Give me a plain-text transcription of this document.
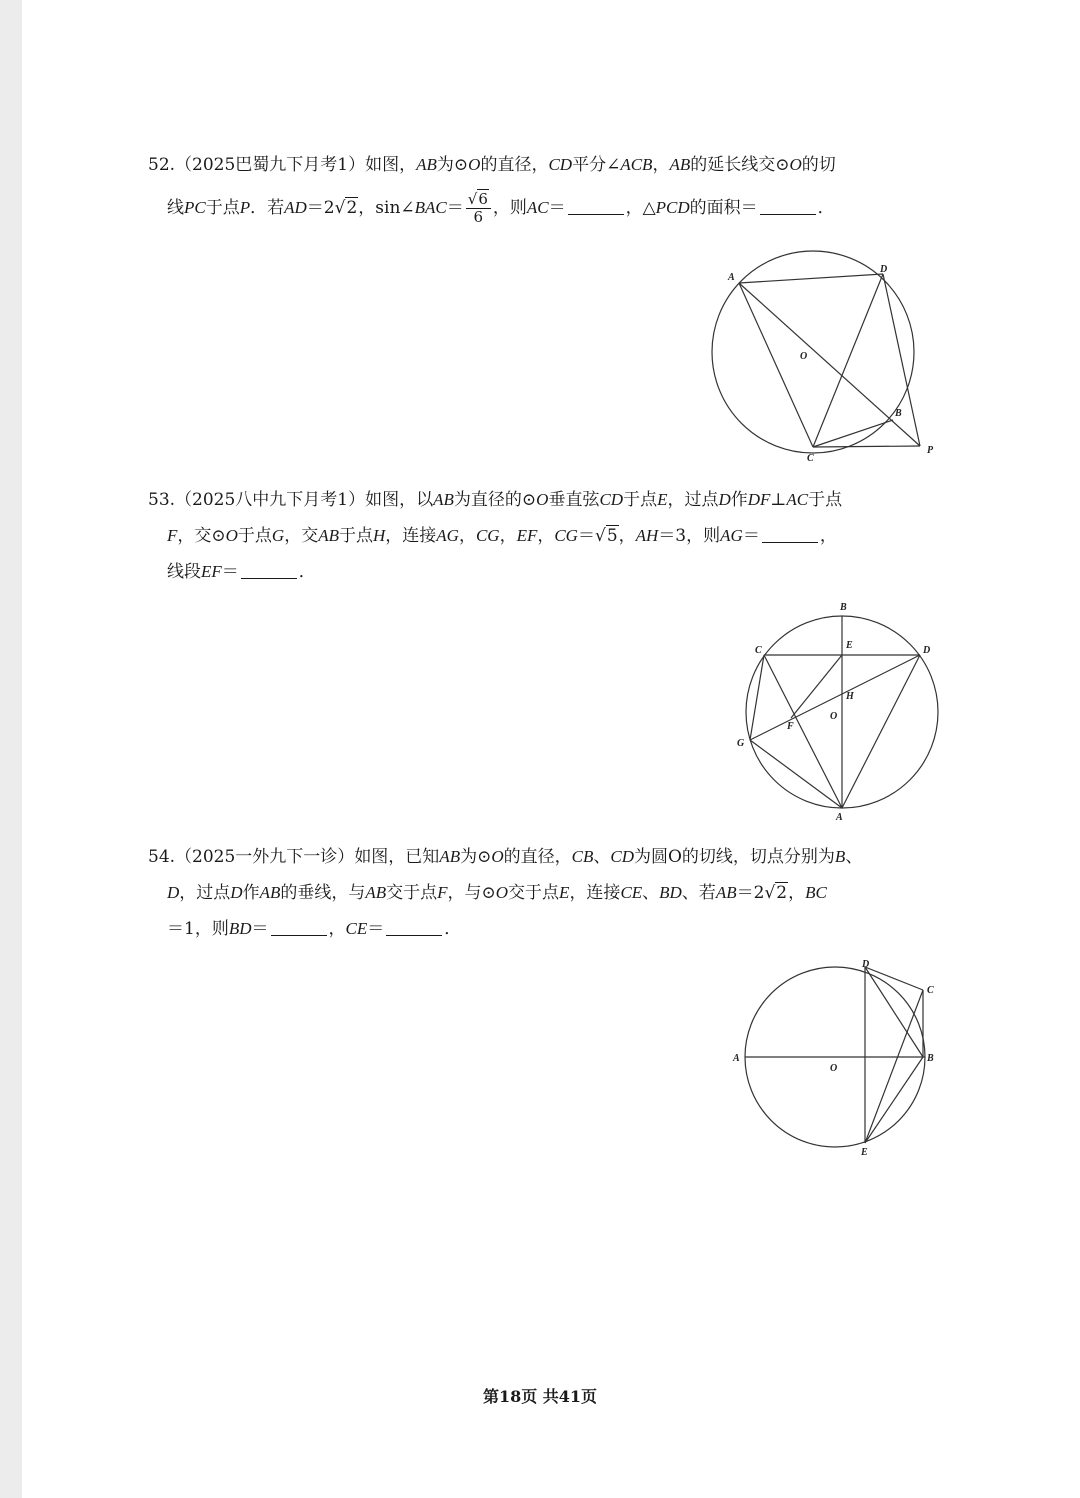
52.（2025巴蜀九下月考1）如图，AB为⊙O的直径，CD平分∠ACB，AB的延长线交⊙O的切
线PC于点P．若AD＝2√2，sin∠BAC＝ $\frac{√6}{6}$ ，则AC＝	，△PCD的面积＝	．
A
D
O
B
C
P
53.（2025八中九下月考1）如图，以AB为直径的⊙O垂直弦CD于点E，过点D作DF⊥AC于点
F，交⊙O于点G，交AB于点H，连接AG，CG，EF，CG＝√5，AH＝3，则AG＝	，
线段EF＝	．
B
C	E	D
H
F
O
G
A
54.（2025一外九下一诊）如图，已知AB为⊙O的直径，CB、CD为圆O的切线，切点分别为B、
D，过点D作AB的垂线，与AB交于点F，与⊙O交于点E，连接CE、BD、若AB＝2√2，BC
＝1，则BD＝	，CE＝	．
D
C
A
O
B
E
第18页 共41页
